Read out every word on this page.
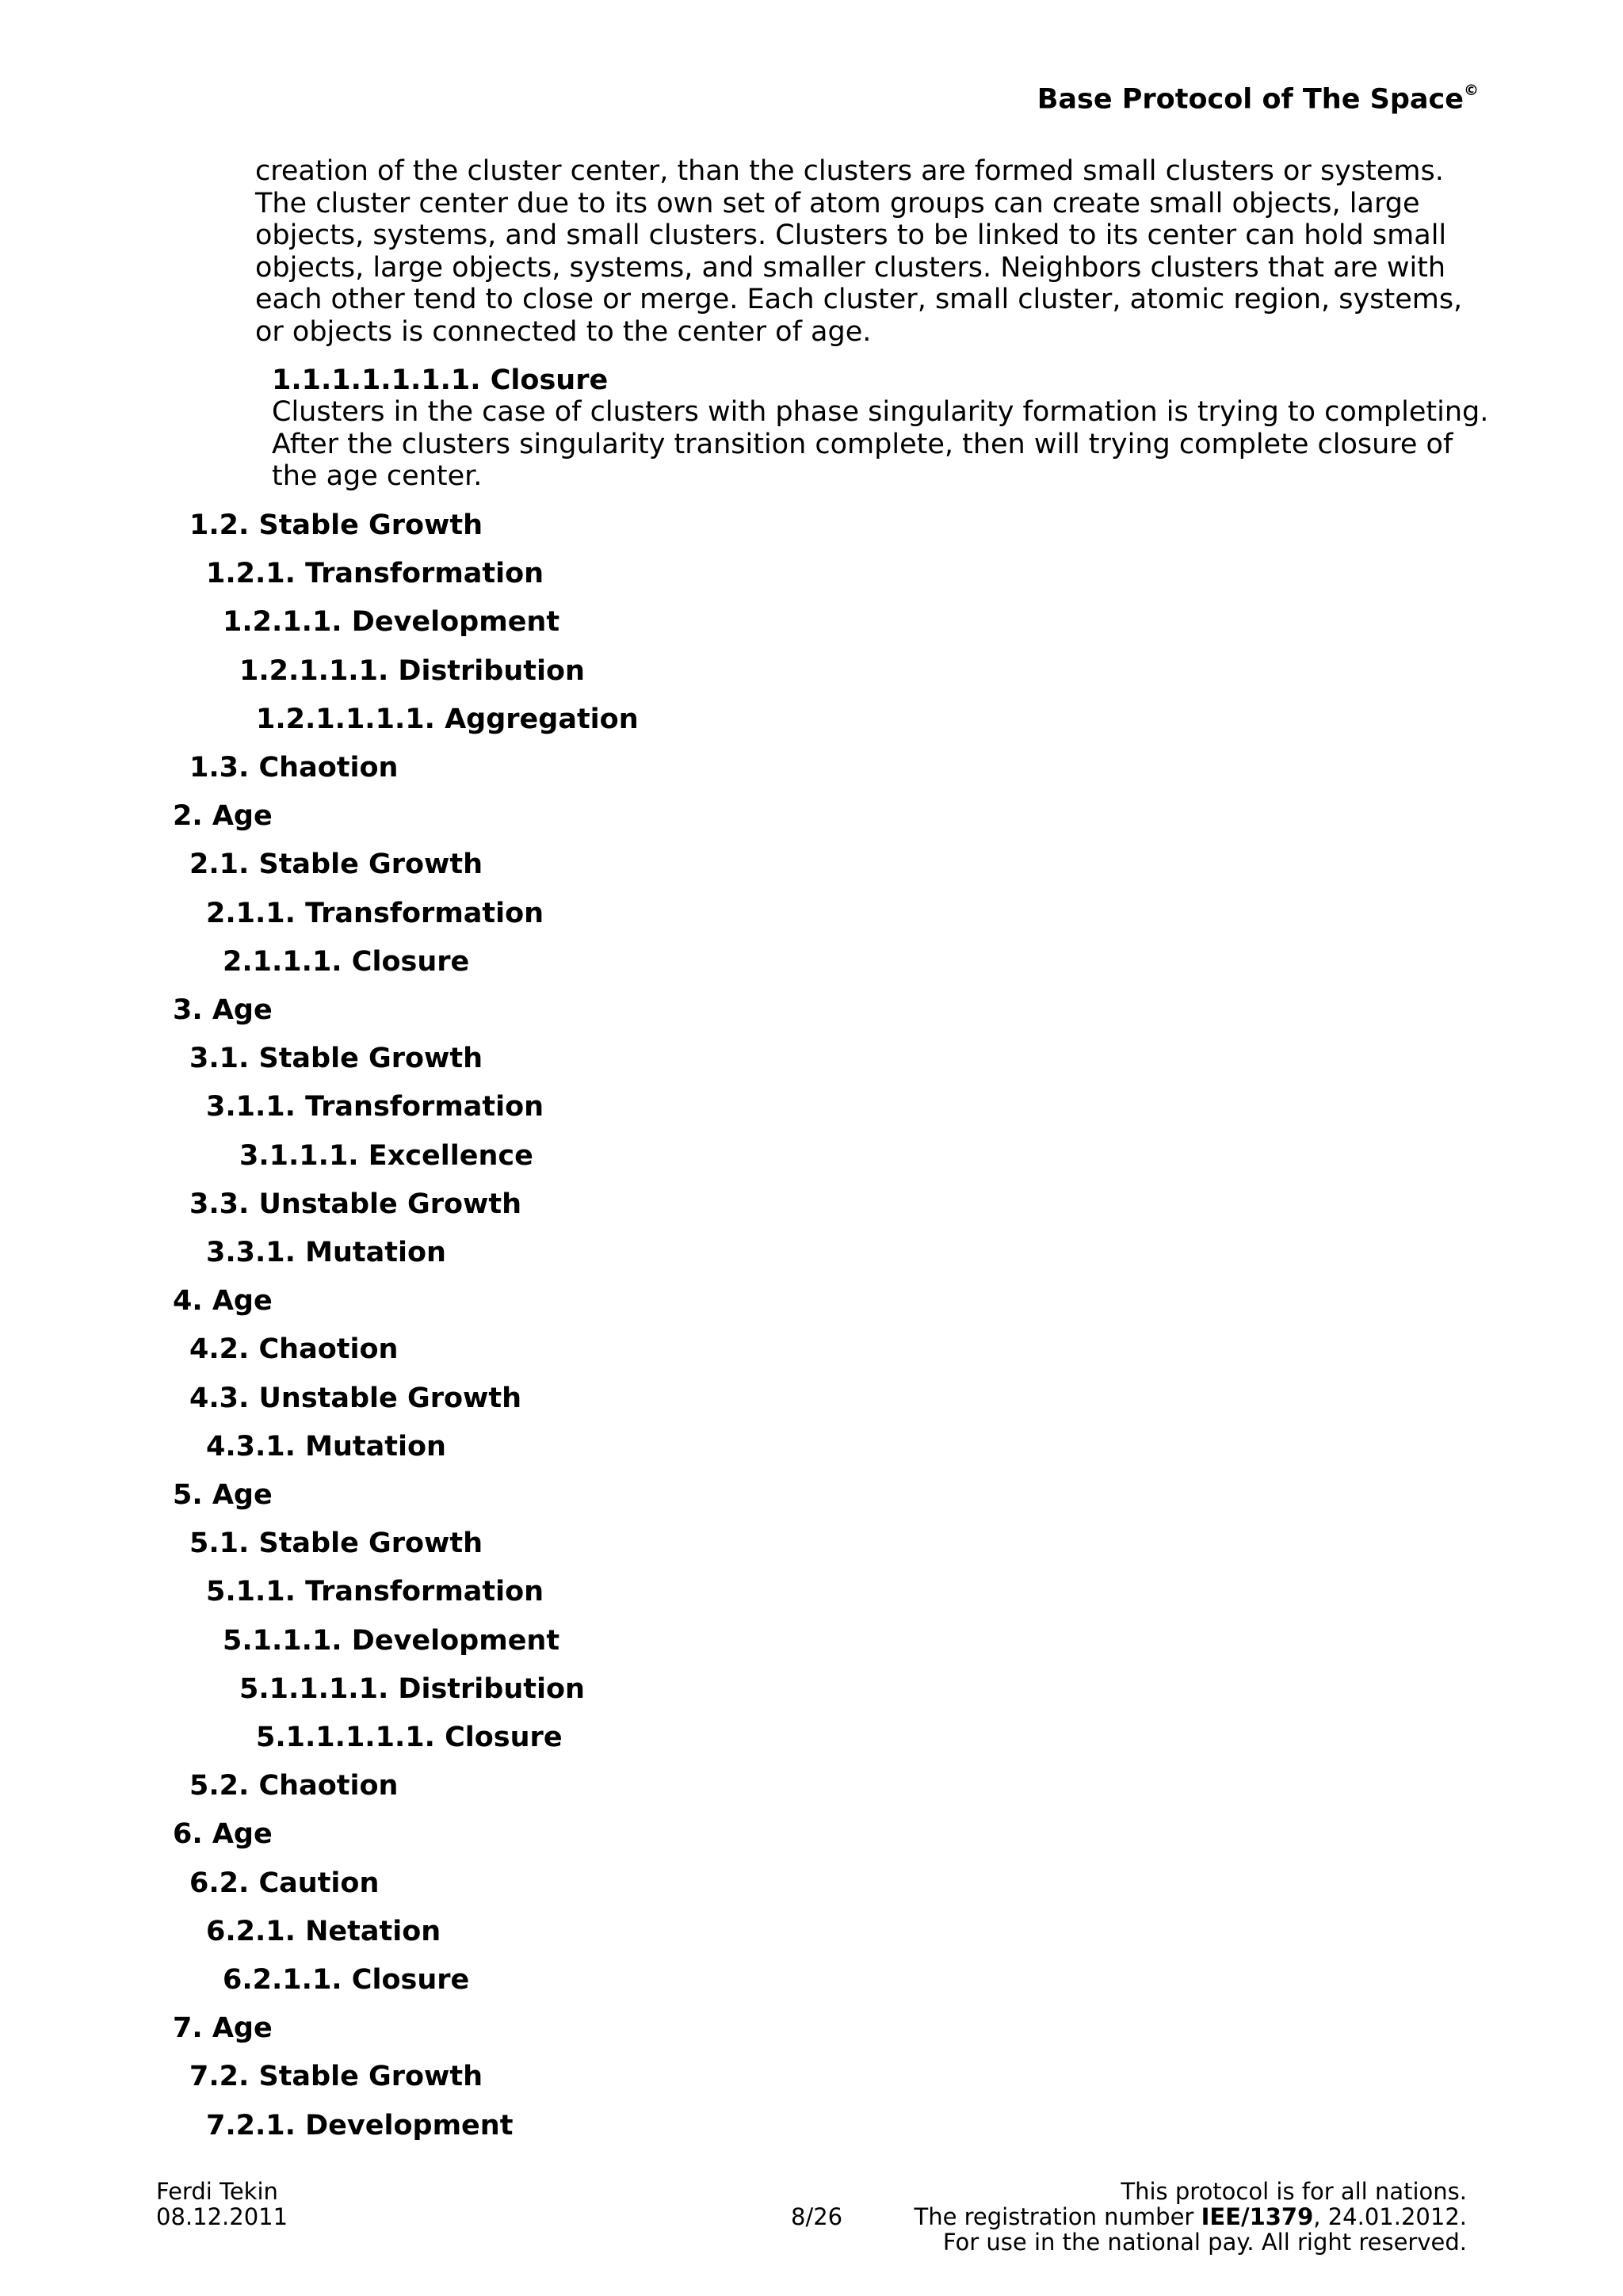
Base Protocol of The Space©
creation of the cluster center, than the clusters are formed small clusters or systems.
The cluster center due to its own set of atom groups can create small objects, large
objects, systems, and small clusters. Clusters to be linked to its center can hold small
objects, large objects, systems, and smaller clusters. Neighbors clusters that are with
each other tend to close or merge. Each cluster, small cluster, atomic region, systems,
or objects is connected to the center of age.
1.1.1.1.1.1.1. Closure
Clusters in the case of clusters with phase singularity formation is trying to completing.
After the clusters singularity transition complete, then will trying complete closure of
the age center.
1.2. Stable Growth
1.2.1. Transformation
1.2.1.1. Development
1.2.1.1.1. Distribution
1.2.1.1.1.1. Aggregation
1.3. Chaotion
2. Age
2.1. Stable Growth
2.1.1. Transformation
2.1.1.1. Closure
3. Age
3.1. Stable Growth
3.1.1. Transformation
3.1.1.1. Excellence
3.3. Unstable Growth
3.3.1. Mutation
4. Age
4.2. Chaotion
4.3. Unstable Growth
4.3.1. Mutation
5. Age
5.1. Stable Growth
5.1.1. Transformation
5.1.1.1. Development
5.1.1.1.1. Distribution
5.1.1.1.1.1. Closure
5.2. Chaotion
6. Age
6.2. Caution
6.2.1. Netation
6.2.1.1. Closure
7. Age
7.2. Stable Growth
7.2.1. Development
Ferdi Tekin
08.12.2011	8/26
This protocol is for all nations.
The registration number IEE/1379, 24.01.2012.
For use in the national pay. All right reserved.
